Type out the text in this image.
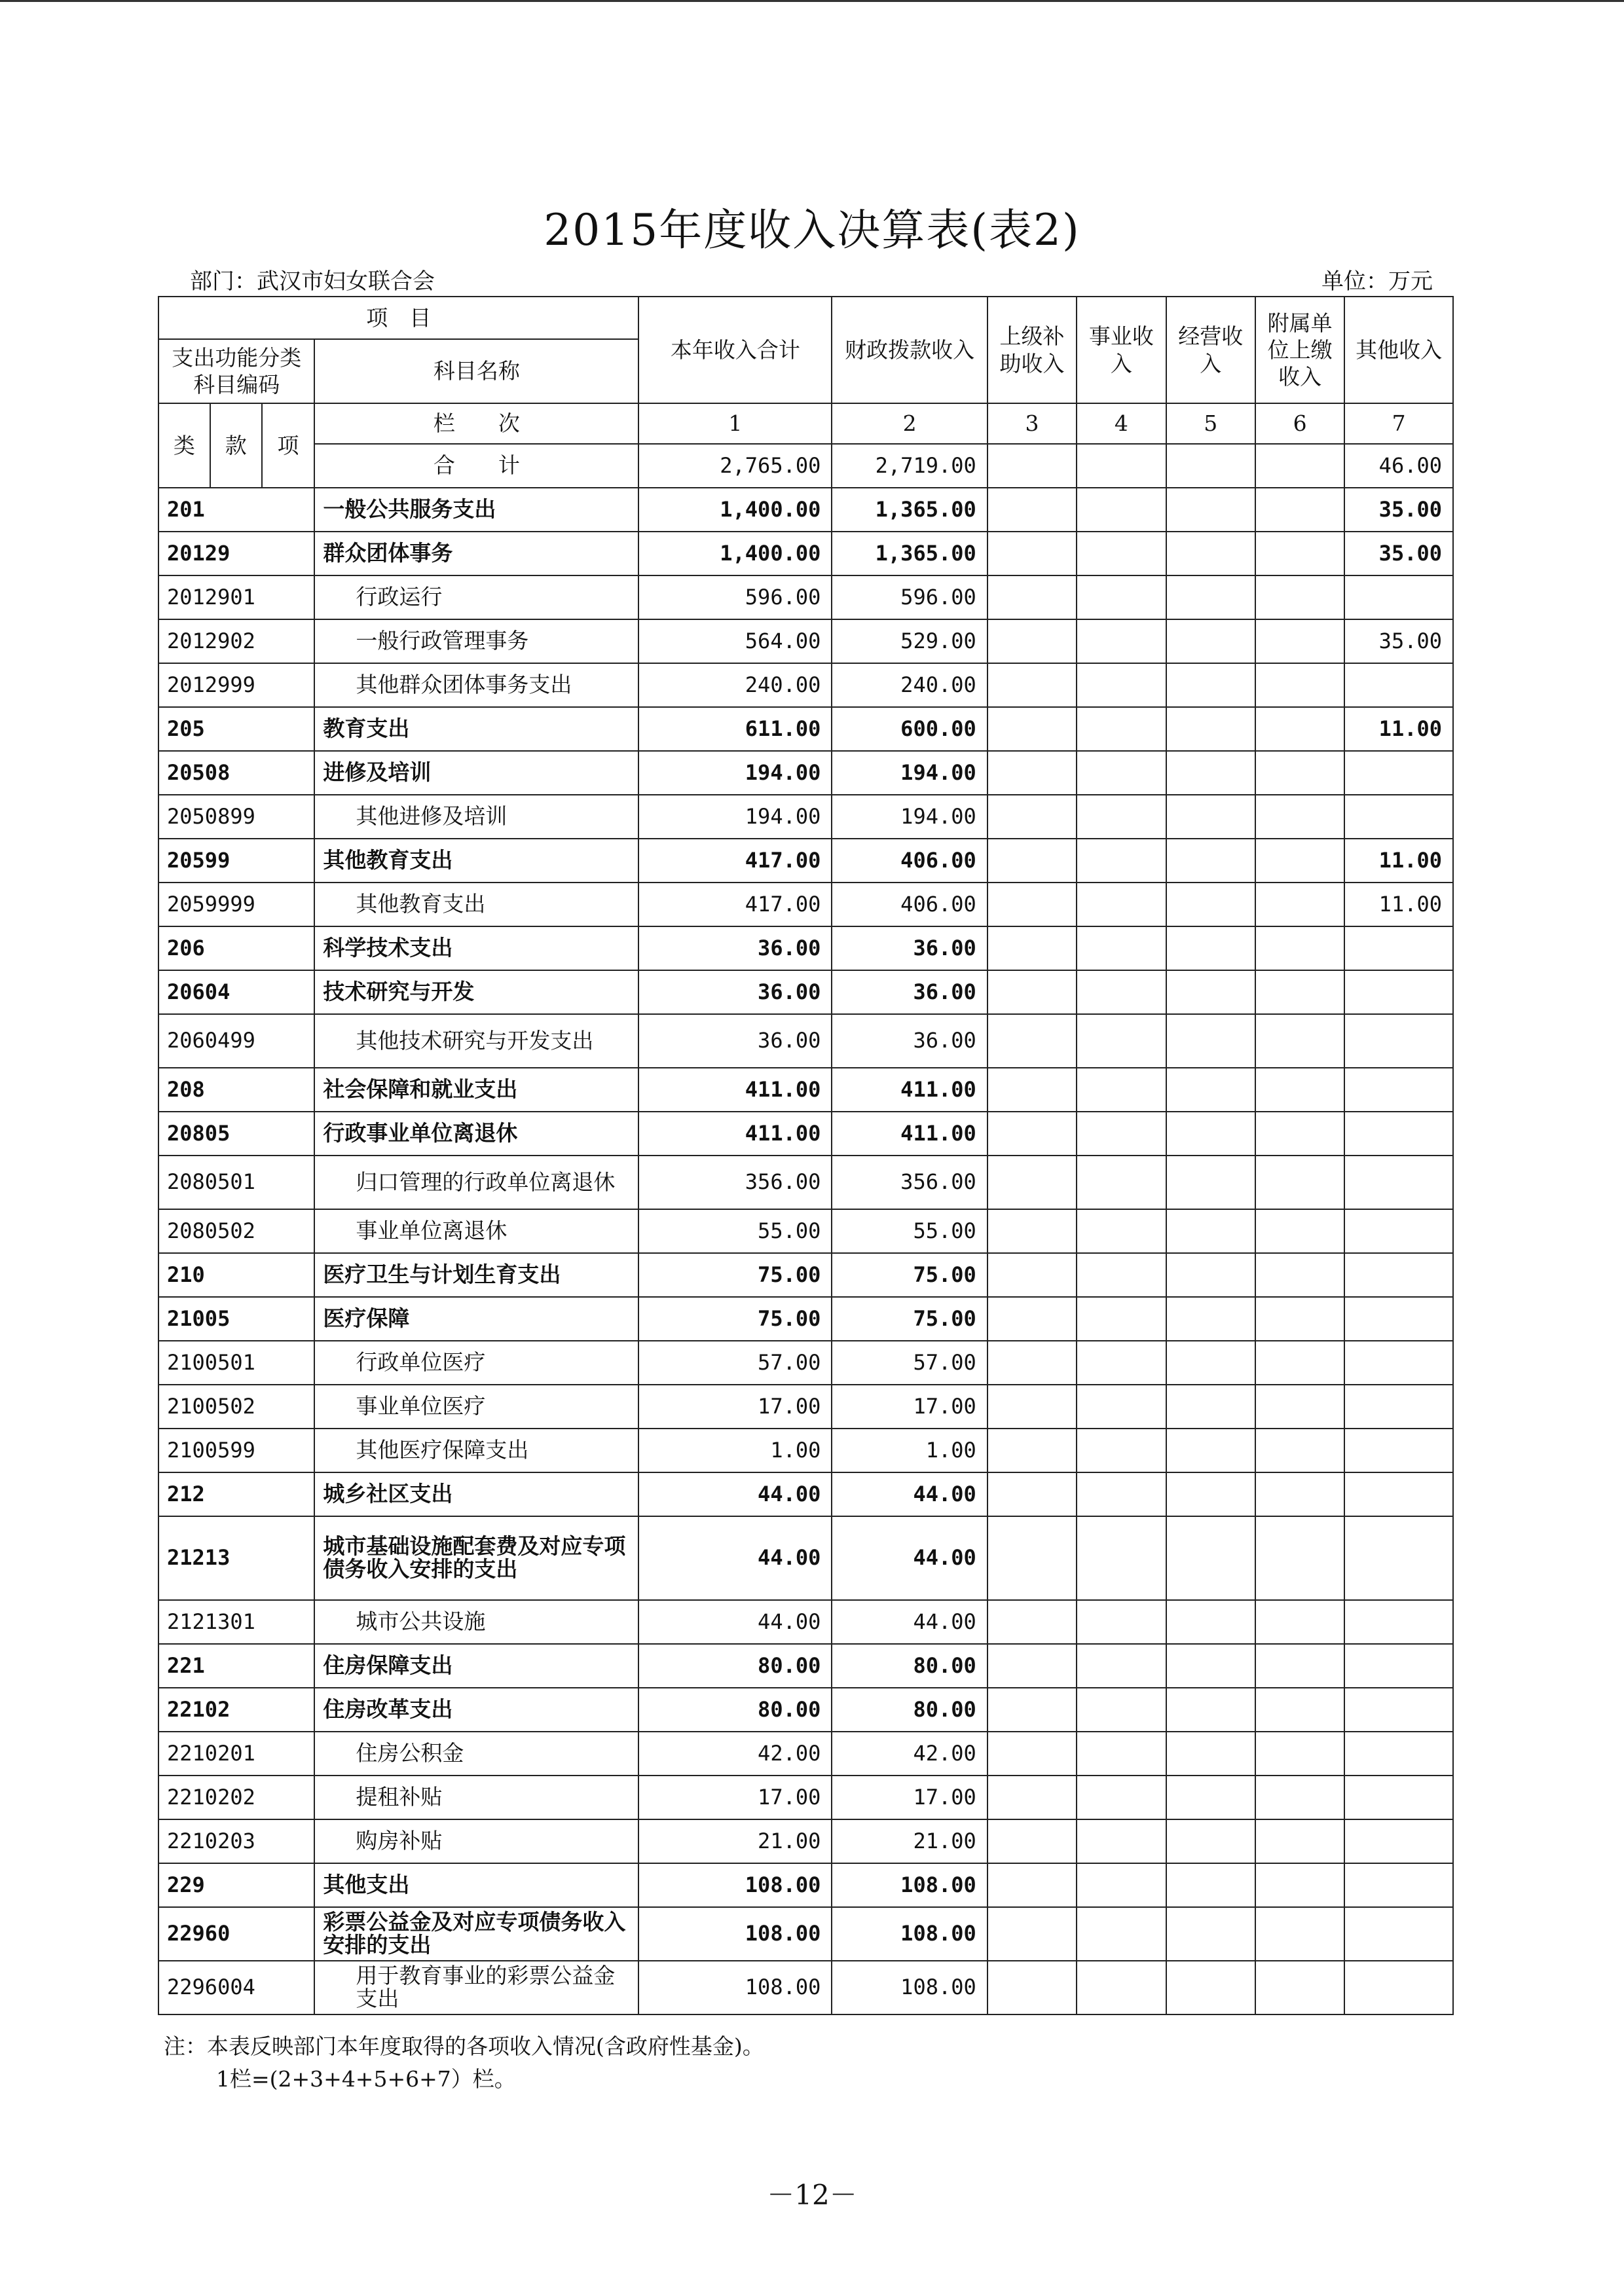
2015年度收入决算表(表2)
部门：武汉市妇女联合会	单位：万元
项　目				本年收入合计	财政拨款收入	上级补助收入	事业收入	经营收入	附属单位上缴收入	其他收入
支出功能分类科目编码			科目名称							
类	款	项	栏　　次	1	2	3	4	5	6	7
			合　　计	2,765.00	2,719.00					46.00
201			一般公共服务支出	1,400.00	1,365.00					35.00
20129			群众团体事务	1,400.00	1,365.00					35.00
2012901			行政运行	596.00	596.00					
2012902			一般行政管理事务	564.00	529.00					35.00
2012999			其他群众团体事务支出	240.00	240.00					
205			教育支出	611.00	600.00					11.00
20508			进修及培训	194.00	194.00					
2050899			其他进修及培训	194.00	194.00					
20599			其他教育支出	417.00	406.00					11.00
2059999			其他教育支出	417.00	406.00					11.00
206			科学技术支出	36.00	36.00					
20604			技术研究与开发	36.00	36.00					
2060499			其他技术研究与开发支出	36.00	36.00					
208			社会保障和就业支出	411.00	411.00					
20805			行政事业单位离退休	411.00	411.00					
2080501			归口管理的行政单位离退休	356.00	356.00					
2080502			事业单位离退休	55.00	55.00					
210			医疗卫生与计划生育支出	75.00	75.00					
21005			医疗保障	75.00	75.00					
2100501			行政单位医疗	57.00	57.00					
2100502			事业单位医疗	17.00	17.00					
2100599			其他医疗保障支出	1.00	1.00					
212			城乡社区支出	44.00	44.00					
21213			城市基础设施配套费及对应专项债务收入安排的支出	44.00	44.00					
2121301			城市公共设施	44.00	44.00					
221			住房保障支出	80.00	80.00					
22102			住房改革支出	80.00	80.00					
2210201			住房公积金	42.00	42.00					
2210202			提租补贴	17.00	17.00					
2210203			购房补贴	21.00	21.00					
229			其他支出	108.00	108.00					
22960			彩票公益金及对应专项债务收入安排的支出	108.00	108.00					
2296004			用于教育事业的彩票公益金支出	108.00	108.00					
注：本表反映部门本年度取得的各项收入情况(含政府性基金)。
1栏=(2+3+4+5+6+7）栏。
－12－
